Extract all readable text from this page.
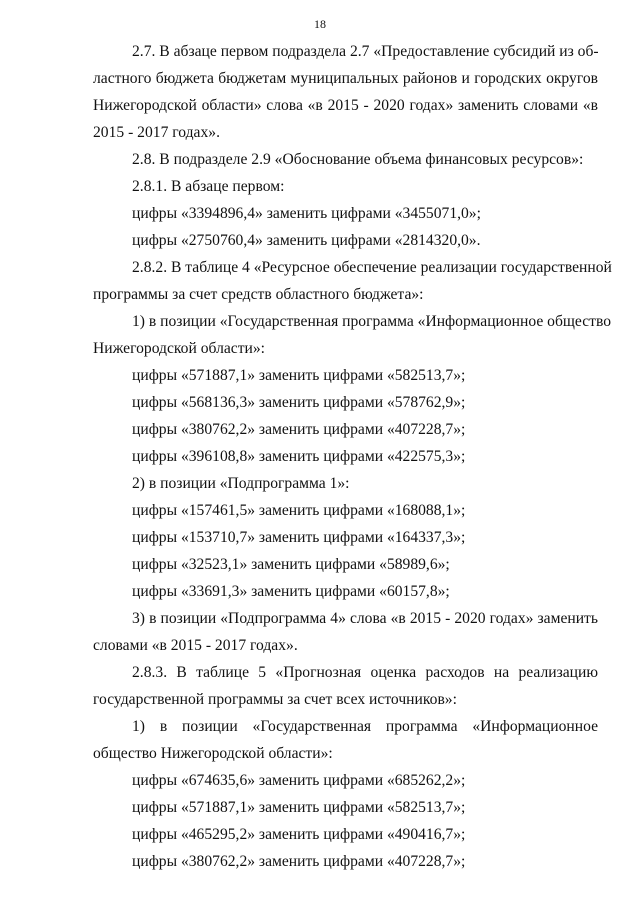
18
2.7. В абзаце первом подраздела 2.7 «Предоставление субсидий из об-
ластного бюджета бюджетам муниципальных районов и городских округов
Нижегородской области» слова «в 2015 - 2020 годах» заменить словами «в
2015 - 2017 годах».
2.8. В подразделе 2.9 «Обоснование объема финансовых ресурсов»:
2.8.1. В абзаце первом:
цифры «3394896,4» заменить цифрами «3455071,0»;
цифры «2750760,4» заменить цифрами «2814320,0».
2.8.2. В таблице 4 «Ресурсное обеспечение реализации государственной
программы за счет средств областного бюджета»:
1) в позиции «Государственная программа «Информационное общество
Нижегородской области»:
цифры «571887,1» заменить цифрами «582513,7»;
цифры «568136,3» заменить цифрами «578762,9»;
цифры «380762,2» заменить цифрами «407228,7»;
цифры «396108,8» заменить цифрами «422575,3»;
2) в позиции «Подпрограмма 1»:
цифры «157461,5» заменить цифрами «168088,1»;
цифры «153710,7» заменить цифрами «164337,3»;
цифры «32523,1» заменить цифрами «58989,6»;
цифры «33691,3» заменить цифрами «60157,8»;
3) в позиции «Подпрограмма 4» слова «в 2015 - 2020 годах» заменить
словами «в 2015 - 2017 годах».
2.8.3. В таблице 5 «Прогнозная оценка расходов на реализацию
государственной программы за счет всех источников»:
1) в позиции «Государственная программа «Информационное
общество Нижегородской области»:
цифры «674635,6» заменить цифрами «685262,2»;
цифры «571887,1» заменить цифрами «582513,7»;
цифры «465295,2» заменить цифрами «490416,7»;
цифры «380762,2» заменить цифрами «407228,7»;
